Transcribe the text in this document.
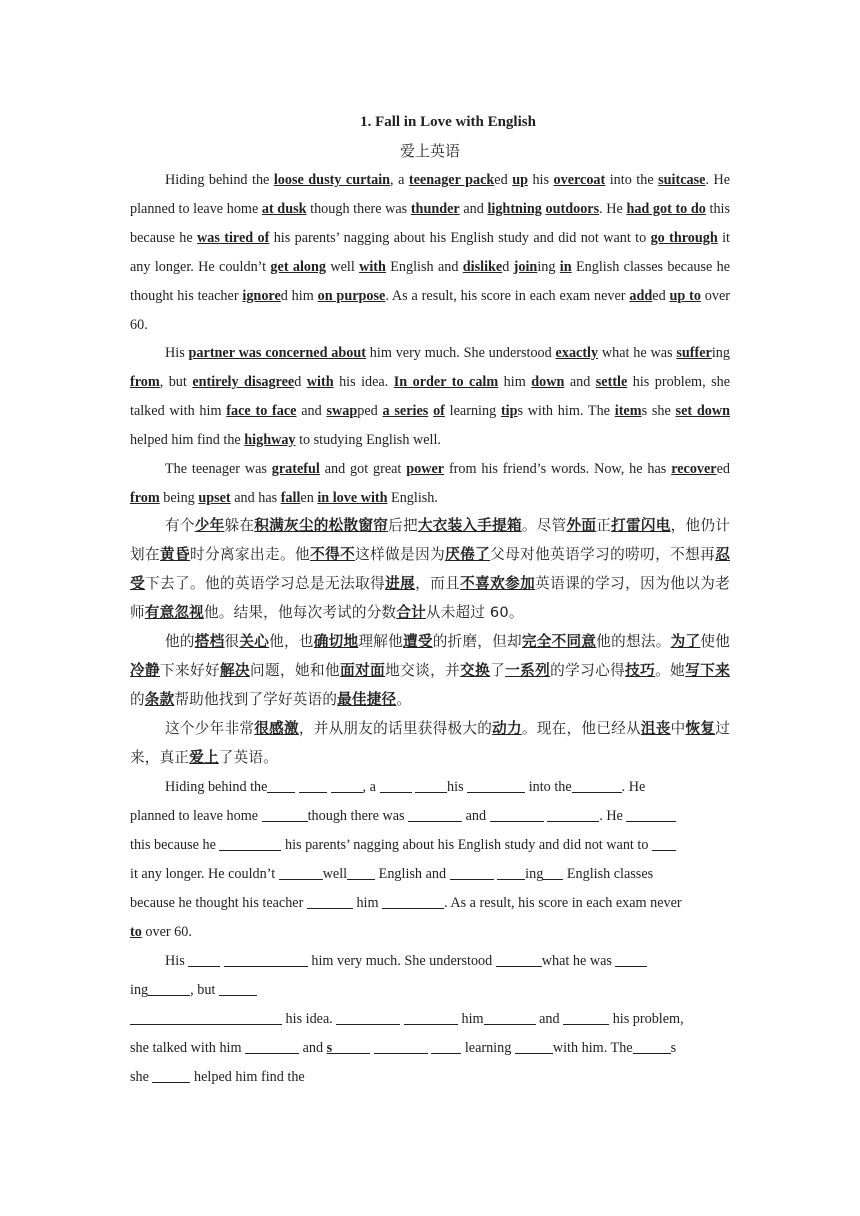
1. Fall in Love with English
爱上英语
Hiding behind the loose dusty curtain, a teenager packed up his overcoat into the suitcase. He planned to leave home at dusk though there was thunder and lightning outdoors. He had got to do this because he was tired of his parents’ nagging about his English study and did not want to go through it any longer. He couldn’t get along well with English and disliked joining in English classes because he thought his teacher ignored him on purpose. As a result, his score in each exam never added up to over 60.
His partner was concerned about him very much. She understood exactly what he was suffering from, but entirely disagreed with his idea. In order to calm him down and settle his problem, she talked with him face to face and swapped a series of learning tips with him. The items she set down helped him find the highway to studying English well.
The teenager was grateful and got great power from his friend’s words. Now, he has recovered from being upset and has fallen in love with English.
有个少年躲在积满灰尘的松散窗帘后把大衣装入手提箱。尽管外面正打雷闪电，他仍计划在黄昏时分离家出走。他不得不这样做是因为厌倦了父母对他英语学习的唠叨，不想再忍受下去了。他的英语学习总是无法取得进展，而且不喜欢参加英语课的学习，因为他以为老师有意忽视他。结果，他每次考试的分数合计从未超过 60。
他的搭档很关心他，也确切地理解他遭受的折磨，但却完全不同意他的想法。为了使他冷静下来好好解决问题，她和他面对面地交谈，并交换了一系列的学习心得技巧。她写下来的条款帮助他找到了学好英语的最佳捷径。
这个少年非常很感激，并从朋友的话里获得极大的动力。现在，他已经从沮丧中恢复过来，真正爱上了英语。
Hiding behind the	, a	his	into the	. He
planned to leave home	though there was	and	. He
this because he	his parents’ nagging about his English study and did not want to
it any longer. He couldn’t	well English and	ing English classes
because he thought his teacher	him	. As a result, his score in each exam never
to over 60.
His	him very much. She understood	what he was
ing	, but
his idea.	him	and	his problem,
she talked with him	and s	learning	with him. The	s
she	helped him find the
